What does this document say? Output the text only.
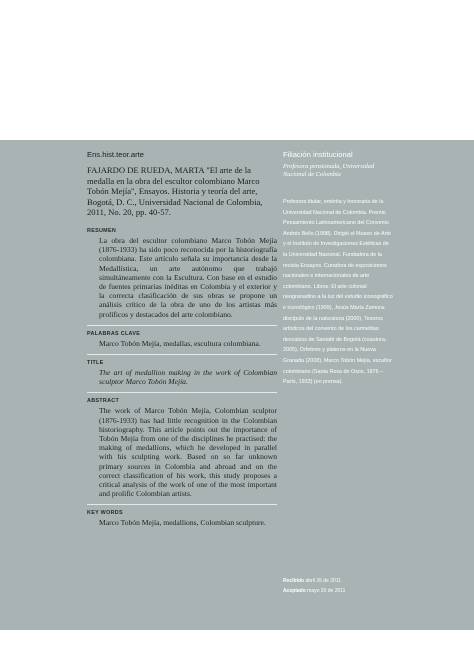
Marta Fajardo de Rueda
mrueda2@yahoo.com
Ens.hist.teor.arte
FAJARDO DE RUEDA, MARTA "El arte de la medalla en la obra del escultor colombiano Marco Tobón Mejía", Ensayos. Historia y teoría del arte, Bogotá, D. C., Universidad Nacional de Colombia, 2011, No. 20, pp. 40-57.
RESUMEN
La obra del escultor colombiano Marco Tobón Mejía (1876-1933) ha sido poco reconocida por la historiografía colombiana. Este artículo señala su importancia desde la Medallística, un arte autónomo que trabajó simultáneamente con la Escultura. Con base en el estudio de fuentes primarias inéditas en Colombia y el exterior y la correcta clasificación de sus obras se propone un análisis crítico de la obra de uno de los artistas más prolíficos y destacados del arte colombiano.
PALABRAS CLAVE
Marco Tobón Mejía, medallas, escultura colombiana.
TITLE
The art of medallion making in the work of Colombian sculptor Marco Tobón Mejía.
ABSTRACT
The work of Marco Tobón Mejía, Colombian sculptor (1876-1933) has had little recognition in the Colombian historiography. This article points out the importance of Tobón Mejía from one of the disciplines he practised: the making of medallions, which he developed in parallel with his sculpting work. Based on so far unknown primary sources in Colombia and abroad and on the correct classification of his work, this study proposes a critical analysis of the work of one of the most important and prolific Colombian artists.
KEY WORDS
Marco Tobón Mejía, medallions, Colombian sculpture.
Filiación institucional
Profesora pensionada, Universidad Nacional de Colombia
Profesora titular, emérita y honoraria de la Universidad Nacional de Colombia. Premio Pensamiento Latinoamericano del Convenio Andrés Bello (1998). Dirigió el Museo de Arte y el Instituto de Investigaciones Estéticas de la Universidad Nacional. Fundadora de la revista Ensayos. Curadora de exposiciones nacionales e internacionales de arte colombiano. Libros: El arte colonial neogranadino a la luz del estudio iconográfico e iconológico (1999), Jesús María Zamora: discípulo de la naturaleza (2000), Tesoros artísticos del convento de los carmelitas descalzos de Santafé de Bogotá (coautora, 2005), Orfebres y plateros en la Nueva Granada (2008), Marco Tobón Mejía, escultor colombiano (Santa Rosa de Osos, 1876 – París, 1933) (en prensa).
Recibido abril 26 de 2011
Aceptado mayo 20 de 2011
